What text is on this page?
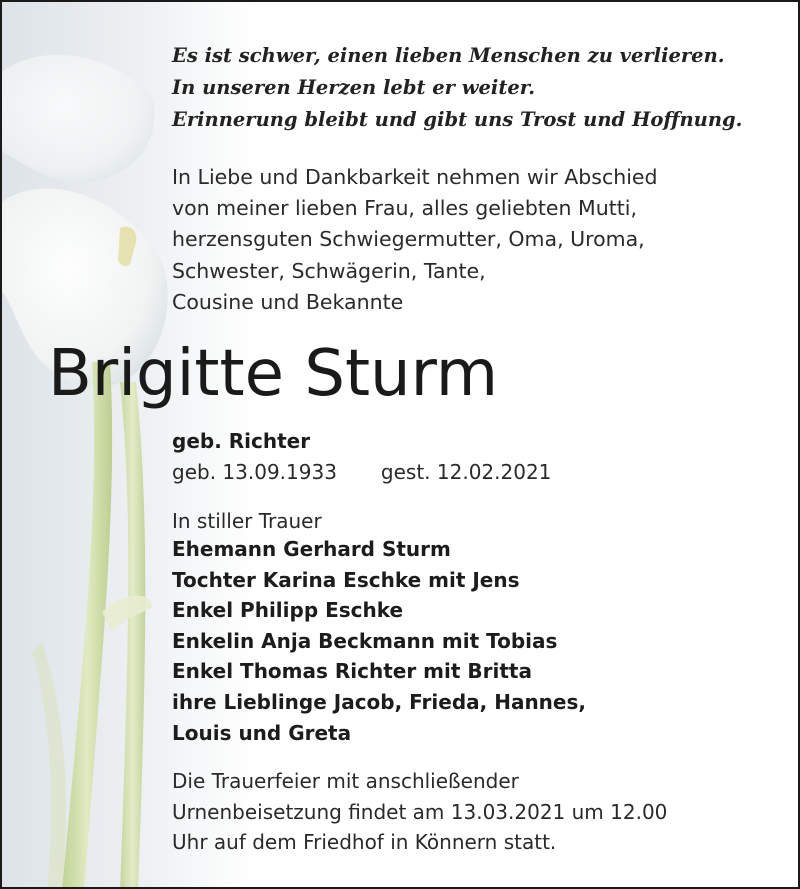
Es ist schwer, einen lieben Menschen zu verlieren.
In unseren Herzen lebt er weiter.
Erinnerung bleibt und gibt uns Trost und Hoffnung.
In Liebe und Dankbarkeit nehmen wir Abschied
von meiner lieben Frau, alles geliebten Mutti,
herzensguten Schwiegermutter, Oma, Uroma,
Schwester, Schwägerin, Tante,
Cousine und Bekannte
Brigitte Sturm
geb. Richter
geb. 13.09.1933 gest. 12.02.2021
In stiller Trauer
Ehemann Gerhard Sturm
Tochter Karina Eschke mit Jens
Enkel Philipp Eschke
Enkelin Anja Beckmann mit Tobias
Enkel Thomas Richter mit Britta
ihre Lieblinge Jacob, Frieda, Hannes,
Louis und Greta
Die Trauerfeier mit anschließender
Urnenbeisetzung findet am 13.03.2021 um 12.00
Uhr auf dem Friedhof in Könnern statt.
